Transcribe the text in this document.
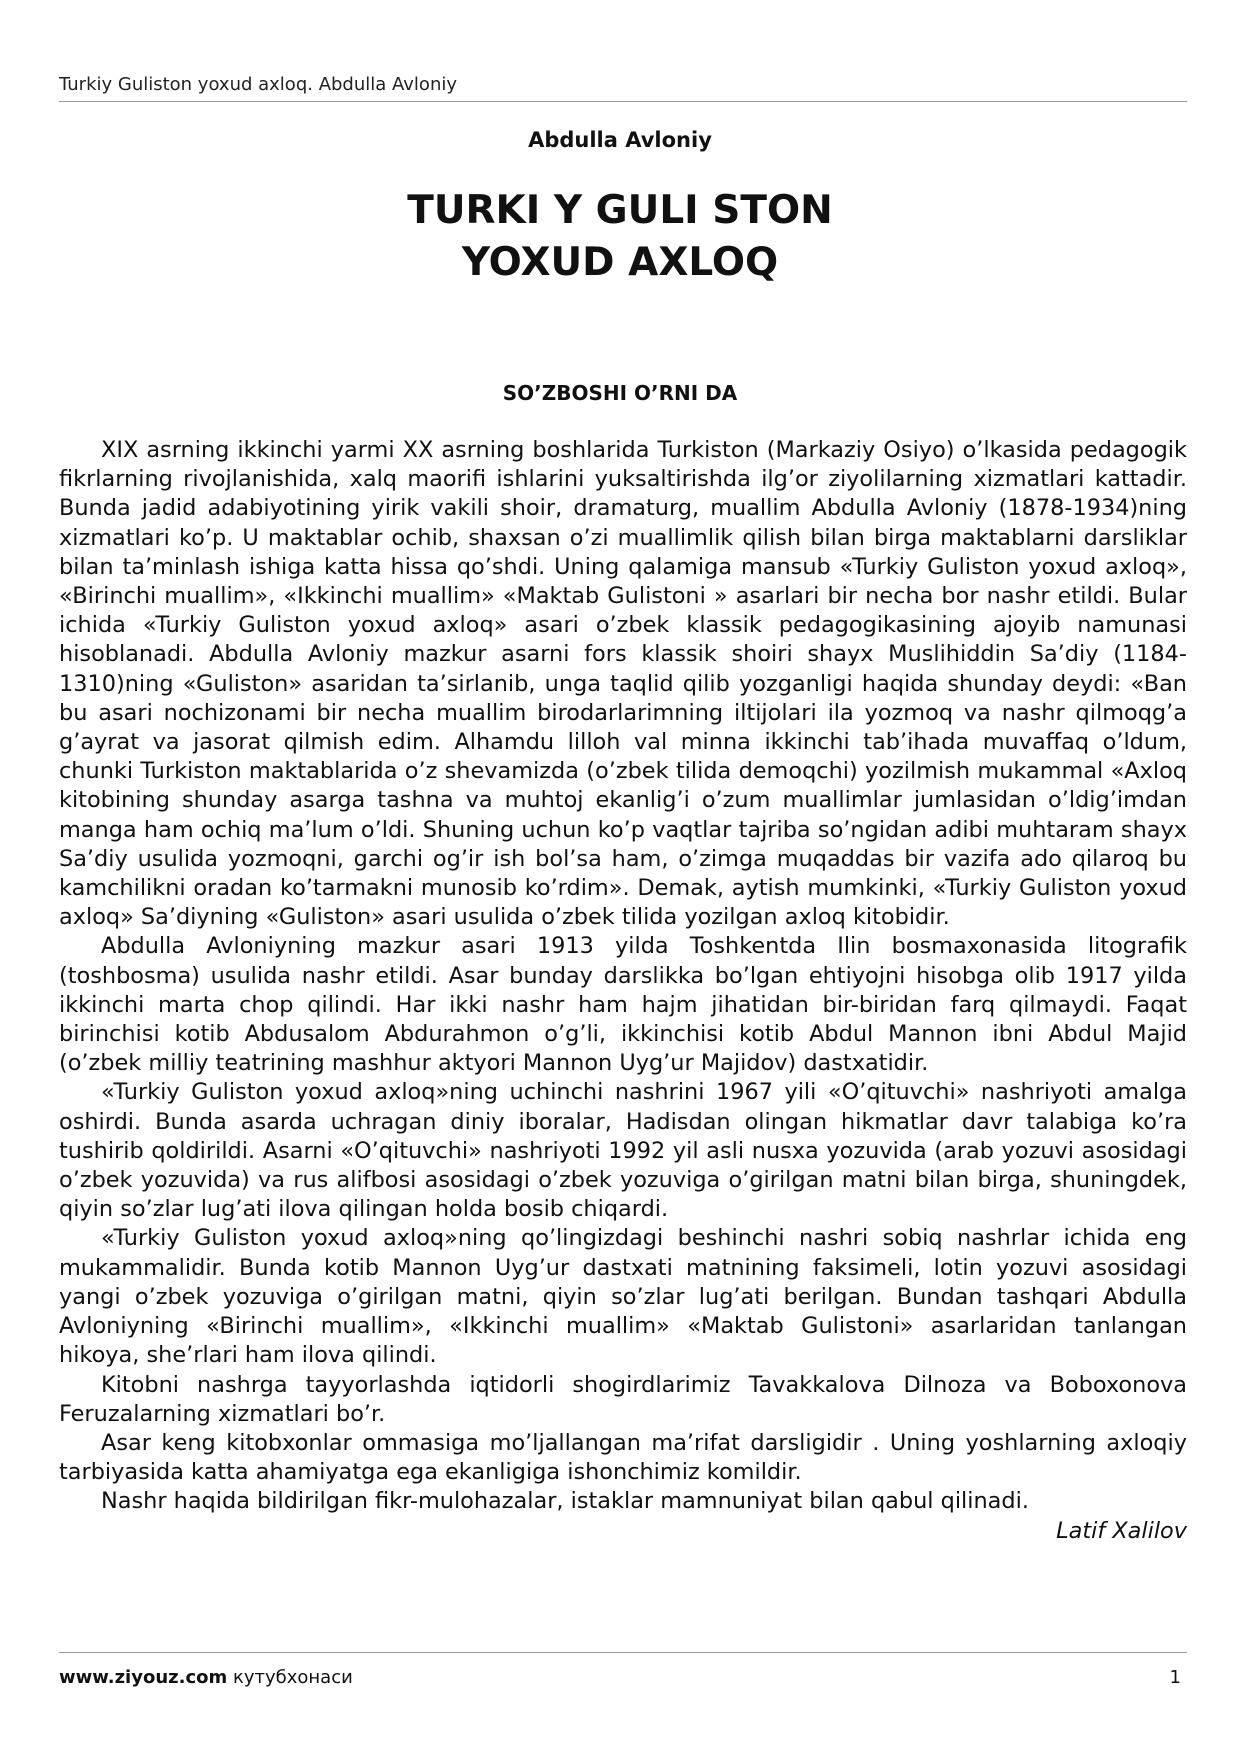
Turkiy Guliston yoxud axloq. Abdulla Avloniy
Abdulla Avloniy
TURKI Y GULI STON
YOXUD AXLOQ
SO’ZBOSHI O’RNI DA

XIX asrning ikkinchi yarmi XX asrning boshlarida Turkiston (Markaziy Osiyo) o’lkasida pedagogik fikrlarning rivojlanishida, xalq maorifi ishlarini yuksaltirishda ilg’or ziyolilarning xizmatlari kattadir. Bunda jadid adabiyotining yirik vakili shoir, dramaturg, muallim Abdulla Avloniy (1878-1934)ning xizmatlari ko’p. U maktablar ochib, shaxsan o’zi muallimlik qilish bilan birga maktablarni darsliklar bilan ta’minlash ishiga katta hissa qo’shdi. Uning qalamiga mansub «Turkiy Guliston yoxud axloq», «Birinchi muallim», «Ikkinchi muallim» «Maktab Gulistoni » asarlari bir necha bor nashr etildi. Bular ichida «Turkiy Guliston yoxud axloq» asari o’zbek klassik pedagogikasining ajoyib namunasi hisoblanadi. Abdulla Avloniy mazkur asarni fors klassik shoiri shayx Muslihiddin Sa’diy (1184-1310)ning «Guliston» asaridan ta’sirlanib, unga taqlid qilib yozganligi haqida shunday deydi: «Ban bu asari nochizonami bir necha muallim birodarlarimning iltijolari ila yozmoq va nashr qilmoqg’a g’ayrat va jasorat qilmish edim. Alhamdu lilloh val minna ikkinchi tab’ihada muvaffaq o’ldum, chunki Turkiston maktablarida o’z shevamizda (o’zbek tilida demoqchi) yozilmish mukammal «Axloq kitobining shunday asarga tashna va muhtoj ekanlig’i o’zum muallimlar jumlasidan o’ldig’imdan manga ham ochiq ma’lum o’ldi. Shuning uchun ko’p vaqtlar tajriba so’ngidan adibi muhtaram shayx Sa’diy usulida yozmoqni, garchi og’ir ish bol’sa ham, o’zimga muqaddas bir vazifa ado qilaroq bu kamchilikni oradan ko’tarmakni munosib ko’rdim». Demak, aytish mumkinki, «Turkiy Guliston yoxud axloq» Sa’diyning «Guliston» asari usulida o’zbek tilida yozilgan axloq kitobidir.

Abdulla Avloniyning mazkur asari 1913 yilda Toshkentda Ilin bosmaxonasida litografik (toshbosma) usulida nashr etildi. Asar bunday darslikka bo’lgan ehtiyojni hisobga olib 1917 yilda ikkinchi marta chop qilindi. Har ikki nashr ham hajm jihatidan bir-biridan farq qilmaydi. Faqat birinchisi kotib Abdusalom Abdurahmon o’g’li, ikkinchisi kotib Abdul Mannon ibni Abdul Majid (o’zbek milliy teatrining mashhur aktyori Mannon Uyg’ur Majidov) dastxatidir.

«Turkiy Guliston yoxud axloq»ning uchinchi nashrini 1967 yili «O’qituvchi» nashriyoti amalga oshirdi. Bunda asarda uchragan diniy iboralar, Hadisdan olingan hikmatlar davr talabiga ko’ra tushirib qoldirildi. Asarni «O’qituvchi» nashriyoti 1992 yil asli nusxa yozuvida (arab yozuvi asosidagi o’zbek yozuvida) va rus alifbosi asosidagi o’zbek yozuviga o’girilgan matni bilan birga, shuningdek, qiyin so’zlar lug’ati ilova qilingan holda bosib chiqardi.

«Turkiy Guliston yoxud axloq»ning qo’lingizdagi beshinchi nashri sobiq nashrlar ichida eng mukammalidir. Bunda kotib Mannon Uyg’ur dastxati matnining faksimeli, lotin yozuvi asosidagi yangi o’zbek yozuviga o’girilgan matni, qiyin so’zlar lug’ati berilgan. Bundan tashqari Abdulla Avloniyning «Birinchi muallim», «Ikkinchi muallim» «Maktab Gulistoni» asarlaridan tanlangan hikoya, she’rlari ham ilova qilindi.

Kitobni nashrga tayyorlashda iqtidorli shogirdlarimiz Tavakkalova Dilnoza va Boboxonova Feruzalarning xizmatlari bo’r.

Asar keng kitobxonlar ommasiga mo’ljallangan ma’rifat darsligidir . Uning yoshlarning axloqiy tarbiyasida katta ahamiyatga ega ekanligiga ishonchimiz komildir.

Nashr haqida bildirilgan fikr-mulohazalar, istaklar mamnuniyat bilan qabul qilinadi.

Latif Xalilov

www.ziyouz.com кутубхонаси	1
